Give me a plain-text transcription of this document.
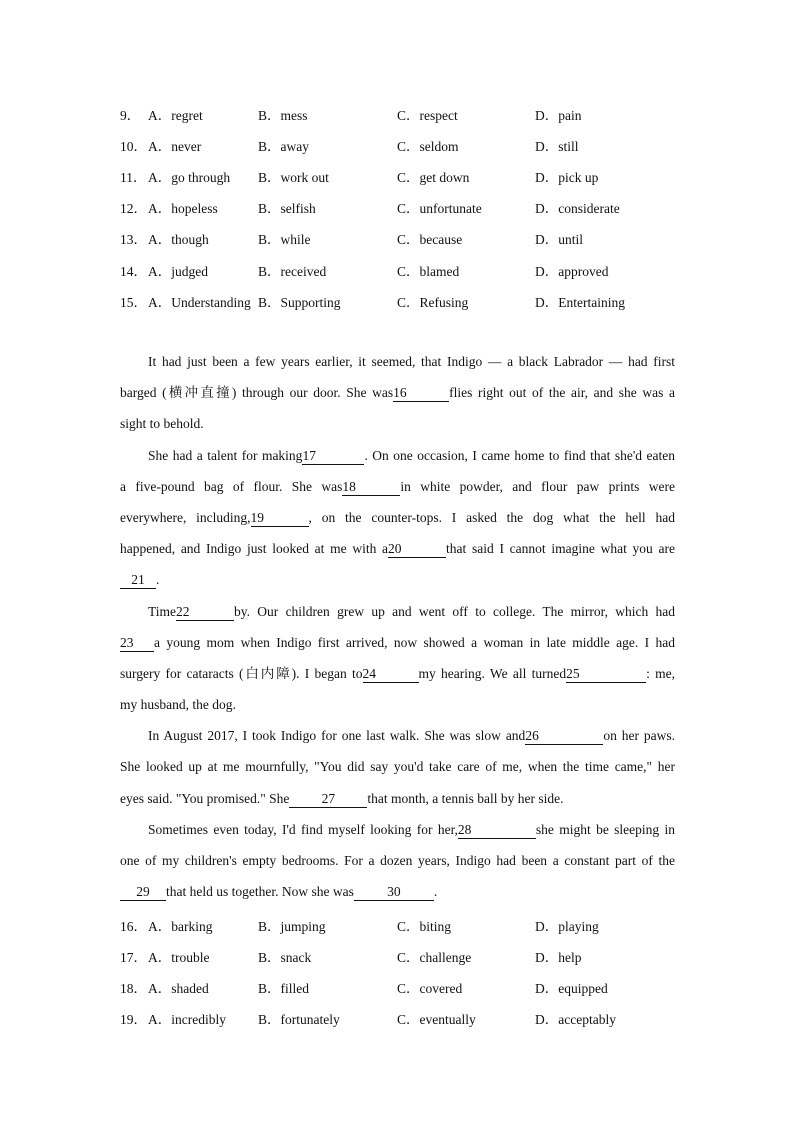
9． A．regret	B．mess	C．respect	D．pain
10． A．never	B．away	C．seldom	D．still
11． A．go through B．work out	C．get down	D．pick up
12． A．hopeless	B．selfish	C．unfortunate	D．considerate
13． A．though	B．while	C．because	D．until
14． A．judged	B．received	C．blamed	D．approved
15． A．Understanding B．Supporting	C．Refusing	D．Entertaining
It had just been a few years earlier, it seemed, that Indigo — a black Labrador — had first
barged (横冲直撞) through our door. She was16	flies right out of the air, and she was a
sight to behold.
She had a talent for making17	. On one occasion, I came home to find that she'd eaten
a five-pound bag of flour. She was18	in white powder, and flour paw prints were
everywhere, including,19	, on the counter-tops. I asked the dog what the hell had
happened, and Indigo just looked at me with a20	that said I cannot imagine what you are
21 .
Time22	by. Our children grew up and went off to college. The mirror, which had
23 a young mom when Indigo first arrived, now showed a woman in late middle age. I had
surgery for cataracts (白内障). I began to24	my hearing. We all turned25	: me,
my husband, the dog.
In August 2017, I took Indigo for one last walk. She was slow and26	on her paws.
She looked up at me mournfully, "You did say you'd take care of me, when the time came," her
eyes said. "You promised." She 27 that month, a tennis ball by her side.
Sometimes even today, I'd find myself looking for her,28	she might be sleeping in
one of my children's empty bedrooms. For a dozen years, Indigo had been a constant part of the
29 that held us together. Now she was 30 .
16． A．barking	B．jumping	C．biting	D．playing
17． A．trouble	B．snack	C．challenge	D．help
18． A．shaded	B．filled	C．covered	D．equipped
19． A．incredibly B．fortunately	C．eventually	D．acceptably
